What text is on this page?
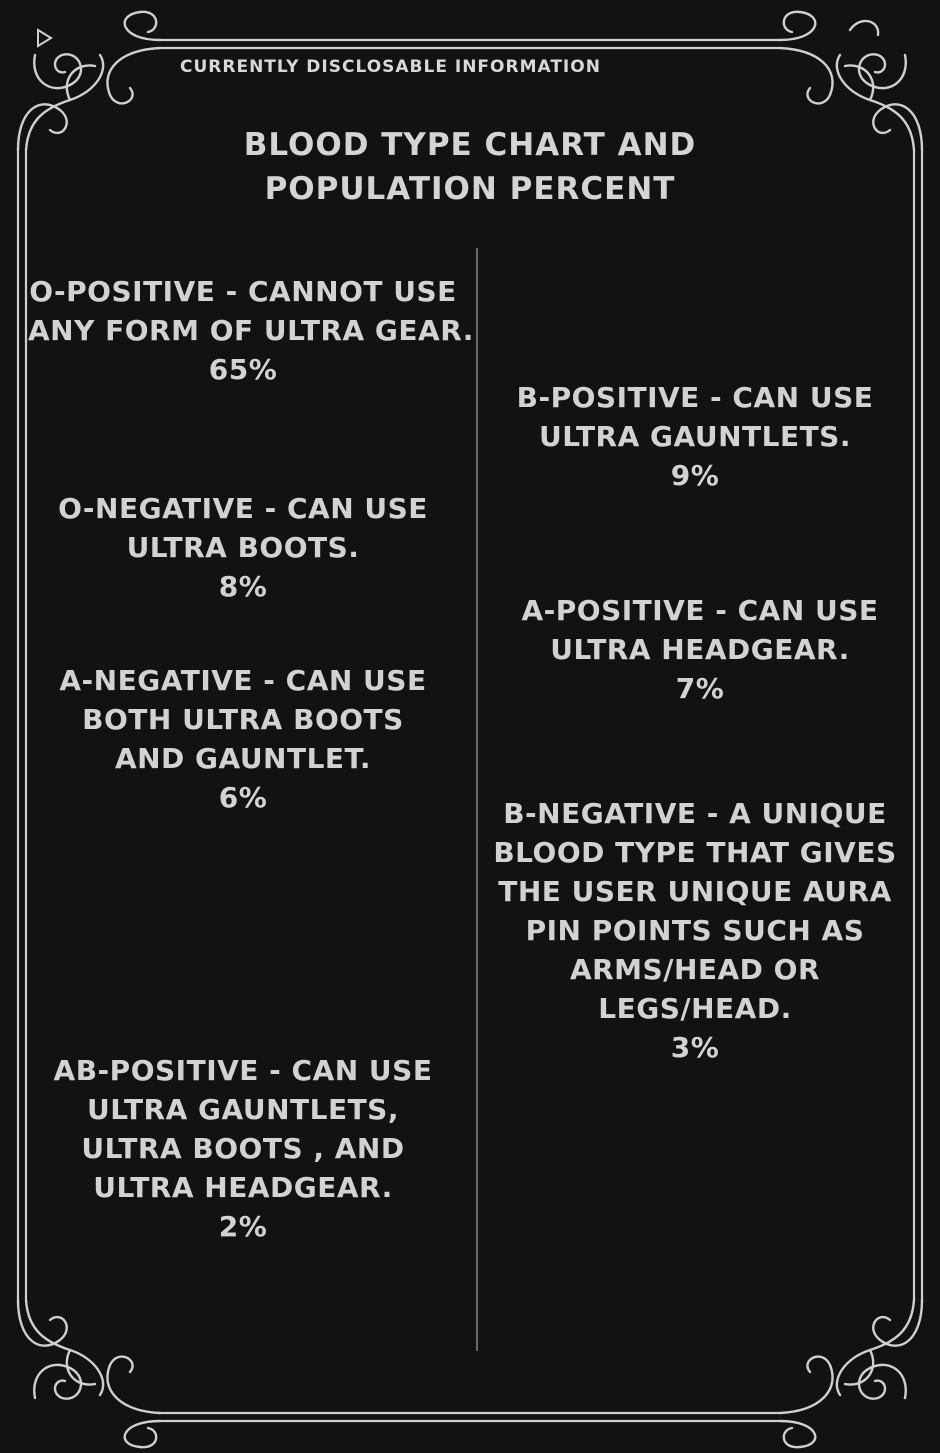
CURRENTLY DISCLOSABLE INFORMATION
BLOOD TYPE CHART AND
POPULATION PERCENT
O-POSITIVE - CANNOT USE
ANY FORM OF ULTRA GEAR.
65%
O-NEGATIVE - CAN USE
ULTRA BOOTS.
8%
A-NEGATIVE - CAN USE
BOTH ULTRA BOOTS
AND GAUNTLET.
6%
AB-POSITIVE - CAN USE
ULTRA GAUNTLETS,
ULTRA BOOTS , AND
ULTRA HEADGEAR.
2%
B-POSITIVE - CAN USE
ULTRA GAUNTLETS.
9%
A-POSITIVE - CAN USE
ULTRA HEADGEAR.
7%
B-NEGATIVE - A UNIQUE
BLOOD TYPE THAT GIVES
THE USER UNIQUE AURA
PIN POINTS SUCH AS
ARMS/HEAD OR
LEGS/HEAD.
3%
